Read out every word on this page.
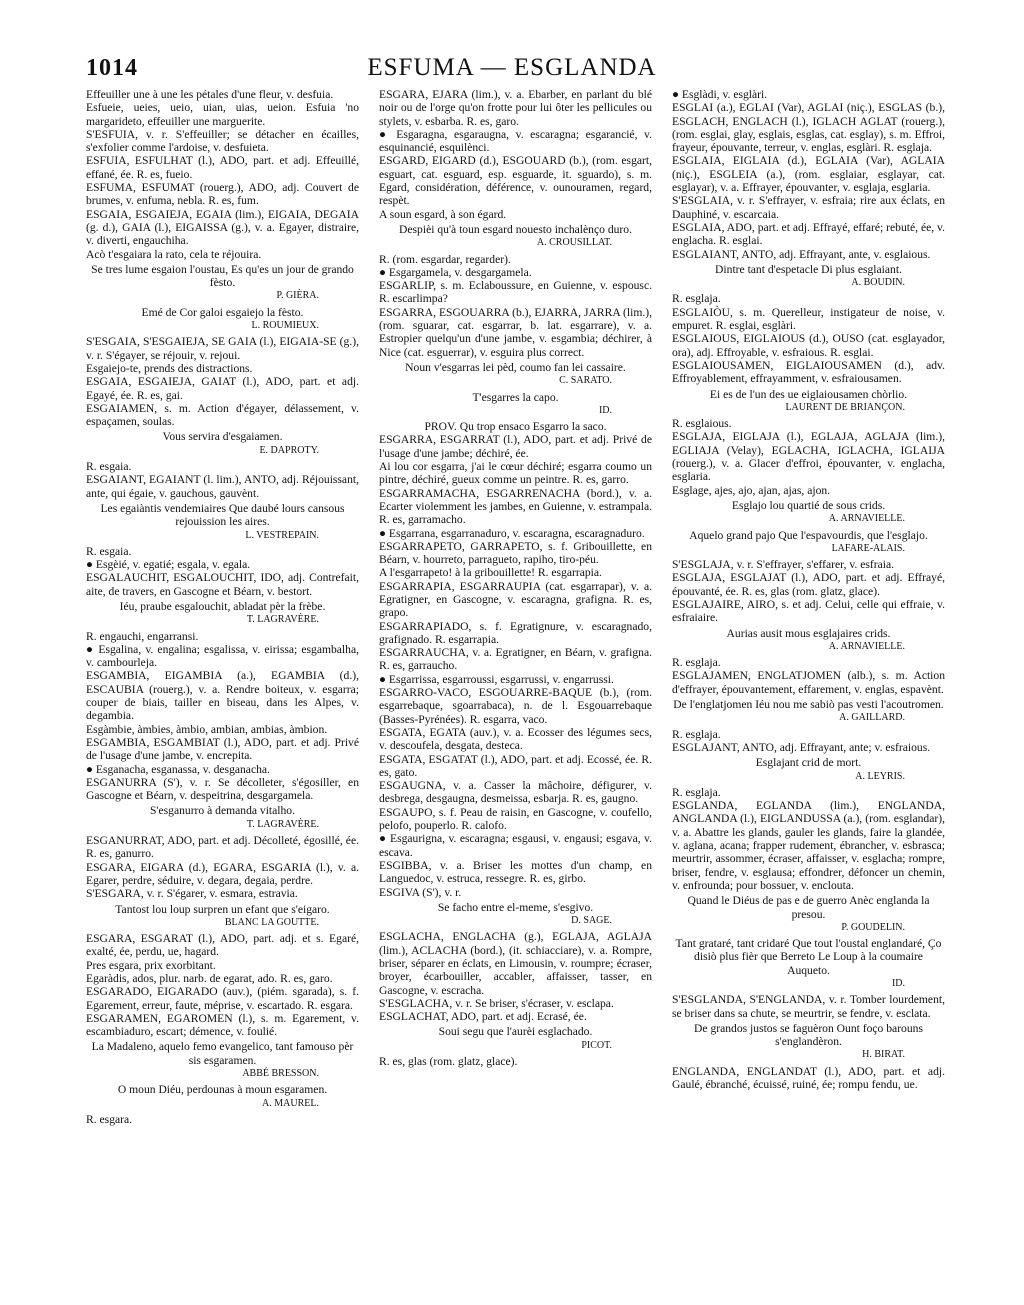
1014	ESFUMA — ESGLANDA

Effeuiller une à une les pétales d'une fleur, v. desfuia.

Esfueie, ueies, ueio, uian, uias, ueion. Esfuia 'no margarideto, effeuiller une marguerite.

S'ESFUIA, v. r. S'effeuiller; se détacher en écailles, s'exfolier comme l'ardoise, v. desfuieta.

ESFUIA, ESFULHAT (l.), ADO, part. et adj. Effeuillé, effané, ée. R. es, fueio.

ESFUMA, ESFUMAT (rouerg.), ADO, adj. Couvert de brumes, v. enfuma, nebla. R. es, fum.

ESGAIA, ESGAIEJA, EGAIA (lim.), EIGAIA, DEGAIA (g. d.), GAIA (l.), EIGAISSA (g.), v. a. Egayer, distraire, v. diverti, engauchiha.

Acò t'esgaiara la rato, cela te réjouira.

Se tres lume esgaion l'oustau, Es qu'es un jour de grando fèsto.

P. GIÈRA.

Emé de Cor galoi esgaiejo la fèsto.

L. ROUMIEUX.

S'ESGAIA, S'ESGAIEJA, SE GAIA (l.), EIGAIA-SE (g.), v. r. S'égayer, se réjouir, v. rejoui.

Esgaiejo-te, prends des distractions.

ESGAIA, ESGAIEJA, GAIAT (l.), ADO, part. et adj. Egayé, ée. R. es, gai.

ESGAIAMEN, s. m. Action d'égayer, délassement, v. espaçamen, soulas.

Vous servira d'esgaiamen.

E. DAPROTY.

R. esgaia.

ESGAIANT, EGAIANT (l. lim.), ANTO, adj. Réjouissant, ante, qui égaie, v. gauchous, gauvènt.

Les egaiàntis vendemiaires Que daubé lours cansous rejouission les aires.

L. VESTREPAIN.

R. esgaia.

● Esgèié, v. egatié; esgala, v. egala.

ESGALAUCHIT, ESGALOUCHIT, IDO, adj. Contrefait, aite, de travers, en Gascogne et Béarn, v. bestort.

Iéu, praube esgalouchit, abladat pèr la frèbe.

T. LAGRAVÈRE.

R. engauchi, engarransi.

● Esgalina, v. engalina; esgalissa, v. eirissa; esgambalha, v. cambourleja.

ESGAMBIA, EIGAMBIA (a.), EGAMBIA (d.), ESCAUBIA (rouerg.), v. a. Rendre boiteux, v. esgarra; couper de biais, tailler en biseau, dans les Alpes, v. degambia.

Esgàmbie, àmbies, àmbio, ambian, ambias, àmbion.

ESGAMBIA, ESGAMBIAT (l.), ADO, part. et adj. Privé de l'usage d'une jambe, v. encrepita.

● Esganacha, esganassa, v. desganacha.

ESGANURRA (S'), v. r. Se décolleter, s'égosiller, en Gascogne et Béarn, v. despeitrina, desgargamela.

S'esganurro à demanda vitalho.

T. LAGRAVÈRE.

ESGANURRAT, ADO, part. et adj. Décolleté, égosillé, ée. R. es, ganurro.

ESGARA, EIGARA (d.), EGARA, ESGARIA (l.), v. a. Egarer, perdre, séduire, v. degara, degaia, perdre.

S'ESGARA, v. r. S'égarer, v. esmara, estravia.

Tantost lou loup surpren un efant que s'eigaro.

BLANC LA GOUTTE.

ESGARA, ESGARAT (l.), ADO, part. adj. et s. Egaré, exalté, ée, perdu, ue, hagard.

Pres esgara, prix exorbitant.

Egaràdis, ados, plur. narb. de egarat, ado. R. es, garo.

ESGARADO, EIGARADO (auv.), (piém. sgarada), s. f. Egarement, erreur, faute, méprise, v. escartado. R. esgara.

ESGARAMEN, EGAROMEN (l.), s. m. Egarement, v. escambiaduro, escart; démence, v. foulié.

La Madaleno, aquelo femo evangelico, tant famouso pèr sis esgaramen.

ABBÉ BRESSON.

O moun Diéu, perdounas à moun esgaramen.

A. MAUREL.

R. esgara.

ESGARA, EJARA (lim.), v. a. Ebarber, en parlant du blé noir ou de l'orge qu'on frotte pour lui ôter les pellicules ou stylets, v. esbarba. R. es, garo.

● Esgaragna, esgaraugna, v. escaragna; esgarancié, v. esquinancié, esquilènci.

ESGARD, EIGARD (d.), ESGOUARD (b.), (rom. esgart, esguart, cat. esguard, esp. esguarde, it. sguardo), s. m. Egard, considération, déférence, v. ounouramen, regard, respèt.

A soun esgard, à son égard.

Despièi qu'à toun esgard nouesto inchalènço duro.

A. CROUSILLAT.

R. (rom. esgardar, regarder).

● Esgargamela, v. desgargamela.

ESGARLIP, s. m. Eclaboussure, en Guienne, v. espousc. R. escarlimpa?

ESGARRA, ESGOUARRA (b.), EJARRA, JARRA (lim.), (rom. sguarar, cat. esgarrar, b. lat. esgarrare), v. a. Estropier quelqu'un d'une jambe, v. esgambia; déchirer, à Nice (cat. esguerrar), v. esguira plus correct.

Noun v'esgarras lei pèd, coumo fan lei cassaire.

C. SARATO.

T'esgarres la capo.

ID.

PROV. Qu trop ensaco Esgarro la saco.

ESGARRA, ESGARRAT (l.), ADO, part. et adj. Privé de l'usage d'une jambe; déchiré, ée.

Ai lou cor esgarra, j'ai le cœur déchiré; esgarra coumo un pintre, déchiré, gueux comme un peintre. R. es, garro.

ESGARRAMACHA, ESGARRENACHA (bord.), v. a. Ecarter violemment les jambes, en Guienne, v. estrampala. R. es, garramacho.

● Esgarrana, esgarranaduro, v. escaragna, escaragnaduro.

ESGARRAPETO, GARRAPETO, s. f. Gribouillette, en Béarn, v. hourreto, parragueto, rapiho, tiro-péu.

A l'esgarrapeto! à la gribouillette! R. esgarrapia.

ESGARRAPIA, ESGARRAUPIA (cat. esgarrapar), v. a. Egratigner, en Gascogne, v. escaragna, grafigna. R. es, grapo.

ESGARRAPIADO, s. f. Egratignure, v. escaragnado, grafignado. R. esgarrapia.

ESGARRAUCHA, v. a. Egratigner, en Béarn, v. grafigna. R. es, garraucho.

● Esgarrissa, esgarroussi, esgarrussi, v. engarrussi.

ESGARRO-VACO, ESGOUARRE-BAQUE (b.), (rom. esgarrebaque, sgoarrabaca), n. de l. Esgouarrebaque (Basses-Pyrénées). R. esgarra, vaco.

ESGATA, EGATA (auv.), v. a. Ecosser des légumes secs, v. descoufela, desgata, desteca.

ESGATA, ESGATAT (l.), ADO, part. et adj. Ecossé, ée. R. es, gato.

ESGAUGNA, v. a. Casser la mâchoire, défigurer, v. desbrega, desgaugna, desmeissa, esbarja. R. es, gaugno.

ESGAUPO, s. f. Peau de raisin, en Gascogne, v. coufello, pelofo, pouperlo. R. calofo.

● Esgaurigna, v. escaragna; esgausi, v. engausi; esgava, v. escava.

ESGIBBA, v. a. Briser les mottes d'un champ, en Languedoc, v. estruca, ressegre. R. es, girbo.

ESGIVA (S'), v. r.

Se facho entre el-meme, s'esgivo.

D. SAGE.

ESGLACHA, ENGLACHA (g.), EGLAJA, AGLAJA (lim.), ACLACHA (bord.), (it. schiacciare), v. a. Rompre, briser, séparer en éclats, en Limousin, v. roumpre; écraser, broyer, écarbouiller, accabler, affaisser, tasser, en Gascogne, v. escracha.

S'ESGLACHA, v. r. Se briser, s'écraser, v. esclapa.

ESGLACHAT, ADO, part. et adj. Ecrasé, ée.

Soui segu que l'aurèi esglachado.

PICOT.

R. es, glas (rom. glatz, glace).

● Esglàdi, v. esglàri.

ESGLAI (a.), EGLAI (Var), AGLAI (niç.), ESGLAS (b.), ESGLACH, ENGLACH (l.), IGLACH AGLAT (rouerg.), (rom. esglai, glay, esglais, esglas, cat. esglay), s. m. Effroi, frayeur, épouvante, terreur, v. englas, esglàri. R. esglaja.

ESGLAIA, EIGLAIA (d.), EGLAIA (Var), AGLAIA (niç.), ESGLEIA (a.), (rom. esglaiar, esglayar, cat. esglayar), v. a. Effrayer, épouvanter, v. esglaja, esglaria.

S'ESGLAIA, v. r. S'effrayer, v. esfraia; rire aux éclats, en Dauphiné, v. escarcaia.

ESGLAIA, ADO, part. et adj. Effrayé, effaré; rebuté, ée, v. englacha. R. esglai.

ESGLAIANT, ANTO, adj. Effrayant, ante, v. esglaious.

Dintre tant d'espetacle Di plus esglaiant.

A. BOUDIN.

R. esglaja.

ESGLAIÒU, s. m. Querelleur, instigateur de noise, v. empuret. R. esglai, esglàri.

ESGLAIOUS, EIGLAIOUS (d.), OUSO (cat. esglayador, ora), adj. Effroyable, v. esfraious. R. esglai.

ESGLAIOUSAMEN, EIGLAIOUSAMEN (d.), adv. Effroyablement, effrayamment, v. esfraiousamen.

Ei es de l'un des ue eiglaiousamen chòrlio.

LAURENT DE BRIANÇON.

R. esglaious.

ESGLAJA, EIGLAJA (l.), EGLAJA, AGLAJA (lim.), EGLIAJA (Velay), EGLACHA, IGLACHA, IGLAIJA (rouerg.), v. a. Glacer d'effroi, épouvanter, v. englacha, esglaria.

Esglage, ajes, ajo, ajan, ajas, ajon.

Esglajo lou quartié de sous crids.

A. ARNAVIELLE.

Aquelo grand pajo Que l'espavourdis, que l'esglajo.

LAFARE-ALAIS.

S'ESGLAJA, v. r. S'effrayer, s'effarer, v. esfraia.

ESGLAJA, ESGLAJAT (l.), ADO, part. et adj. Effrayé, épouvanté, ée. R. es, glas (rom. glatz, glace).

ESGLAJAIRE, AIRO, s. et adj. Celui, celle qui effraie, v. esfraiaire.

Aurias ausit mous esglajaires crids.

A. ARNAVIELLE.

R. esglaja.

ESGLAJAMEN, ENGLATJOMEN (alb.), s. m. Action d'effrayer, épouvantement, effarement, v. englas, espavènt.

De l'englatjomen Iéu nou me sabiò pas vesti l'acoutromen.

A. GAILLARD.

R. esglaja.

ESGLAJANT, ANTO, adj. Effrayant, ante; v. esfraious.

Esglajant crid de mort.

A. LEYRIS.

R. esglaja.

ESGLANDA, EGLANDA (lim.), ENGLANDA, ANGLANDA (l.), EIGLANDUSSA (a.), (rom. esglandar), v. a. Abattre les glands, gauler les glands, faire la glandée, v. aglana, acana; frapper rudement, ébrancher, v. esbrasca; meurtrir, assommer, écraser, affaisser, v. esglacha; rompre, briser, fendre, v. esglausa; effondrer, défoncer un chemin, v. enfrounda; pour bossuer, v. enclouta.

Quand le Diéus de pas e de guerro Anèc englanda la presou.

P. GOUDELIN.

Tant grataré, tant cridaré Que tout l'oustal englandaré, Ço disiò plus fièr que Berreto Le Loup à la coumaire Auqueto.

ID.

S'ESGLANDA, S'ENGLANDA, v. r. Tomber lourdement, se briser dans sa chute, se meurtrir, se fendre, v. esclata.

De grandos justos se faguèron Ount foço barouns s'englandèron.

H. BIRAT.

ENGLANDA, ENGLANDAT (l.), ADO, part. et adj. Gaulé, ébranché, écuissé, ruiné, ée; rompu fendu, ue.
